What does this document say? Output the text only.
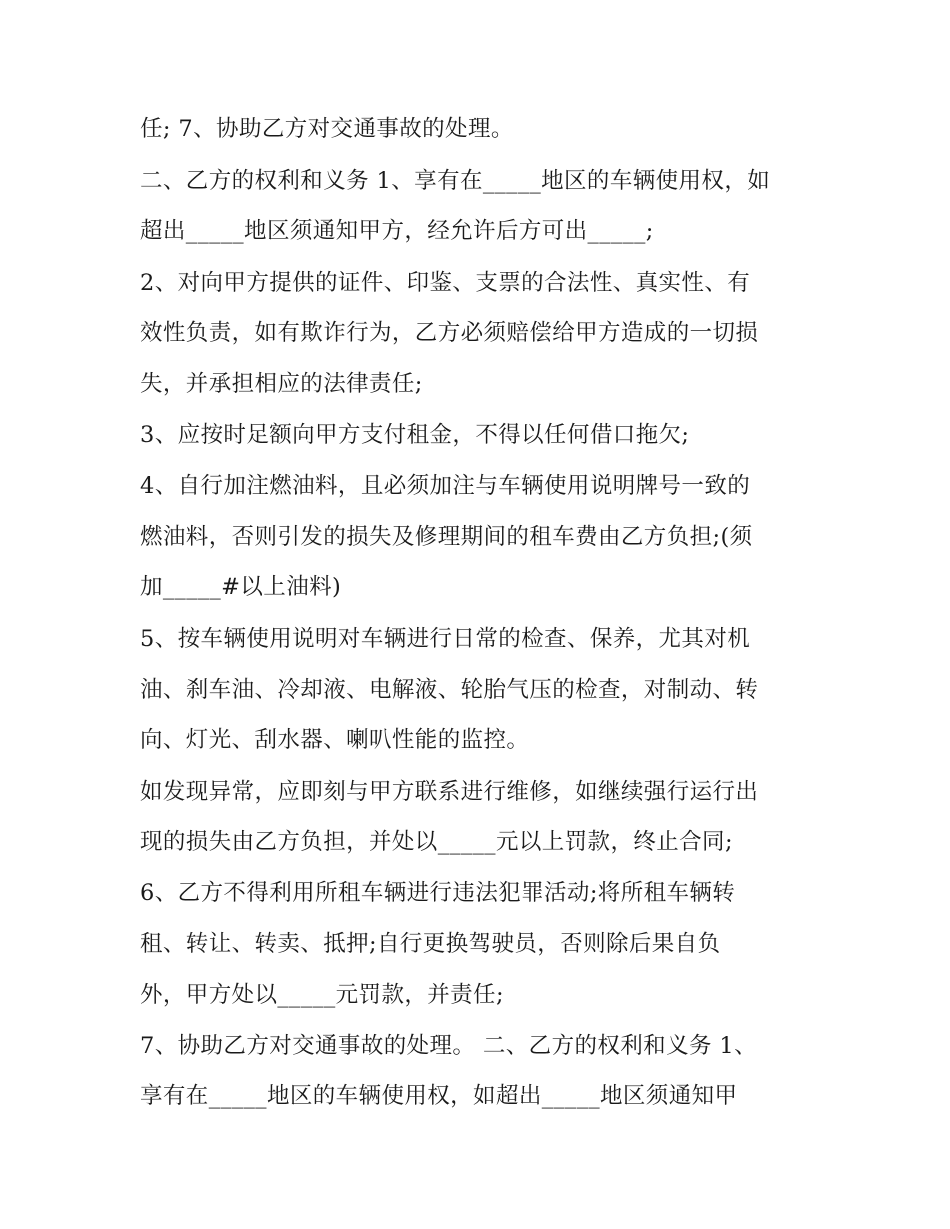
任; 7、协助乙方对交通事故的处理。
二、乙方的权利和义务 1、享有在_____地区的车辆使用权，如
超出_____地区须通知甲方，经允许后方可出_____;
2、对向甲方提供的证件、印鉴、支票的合法性、真实性、有
效性负责，如有欺诈行为，乙方必须赔偿给甲方造成的一切损
失，并承担相应的法律责任;
3、应按时足额向甲方支付租金，不得以任何借口拖欠;
4、自行加注燃油料，且必须加注与车辆使用说明牌号一致的
燃油料，否则引发的损失及修理期间的租车费由乙方负担;(须
加_____#以上油料)
5、按车辆使用说明对车辆进行日常的检查、保养，尤其对机
油、刹车油、冷却液、电解液、轮胎气压的检查，对制动、转
向、灯光、刮水器、喇叭性能的监控。
如发现异常，应即刻与甲方联系进行维修，如继续强行运行出
现的损失由乙方负担，并处以_____元以上罚款，终止合同;
6、乙方不得利用所租车辆进行违法犯罪活动;将所租车辆转
租、转让、转卖、抵押;自行更换驾驶员，否则除后果自负
外，甲方处以_____元罚款，并责任;
7、协助乙方对交通事故的处理。 二、乙方的权利和义务 1、
享有在_____地区的车辆使用权，如超出_____地区须通知甲
